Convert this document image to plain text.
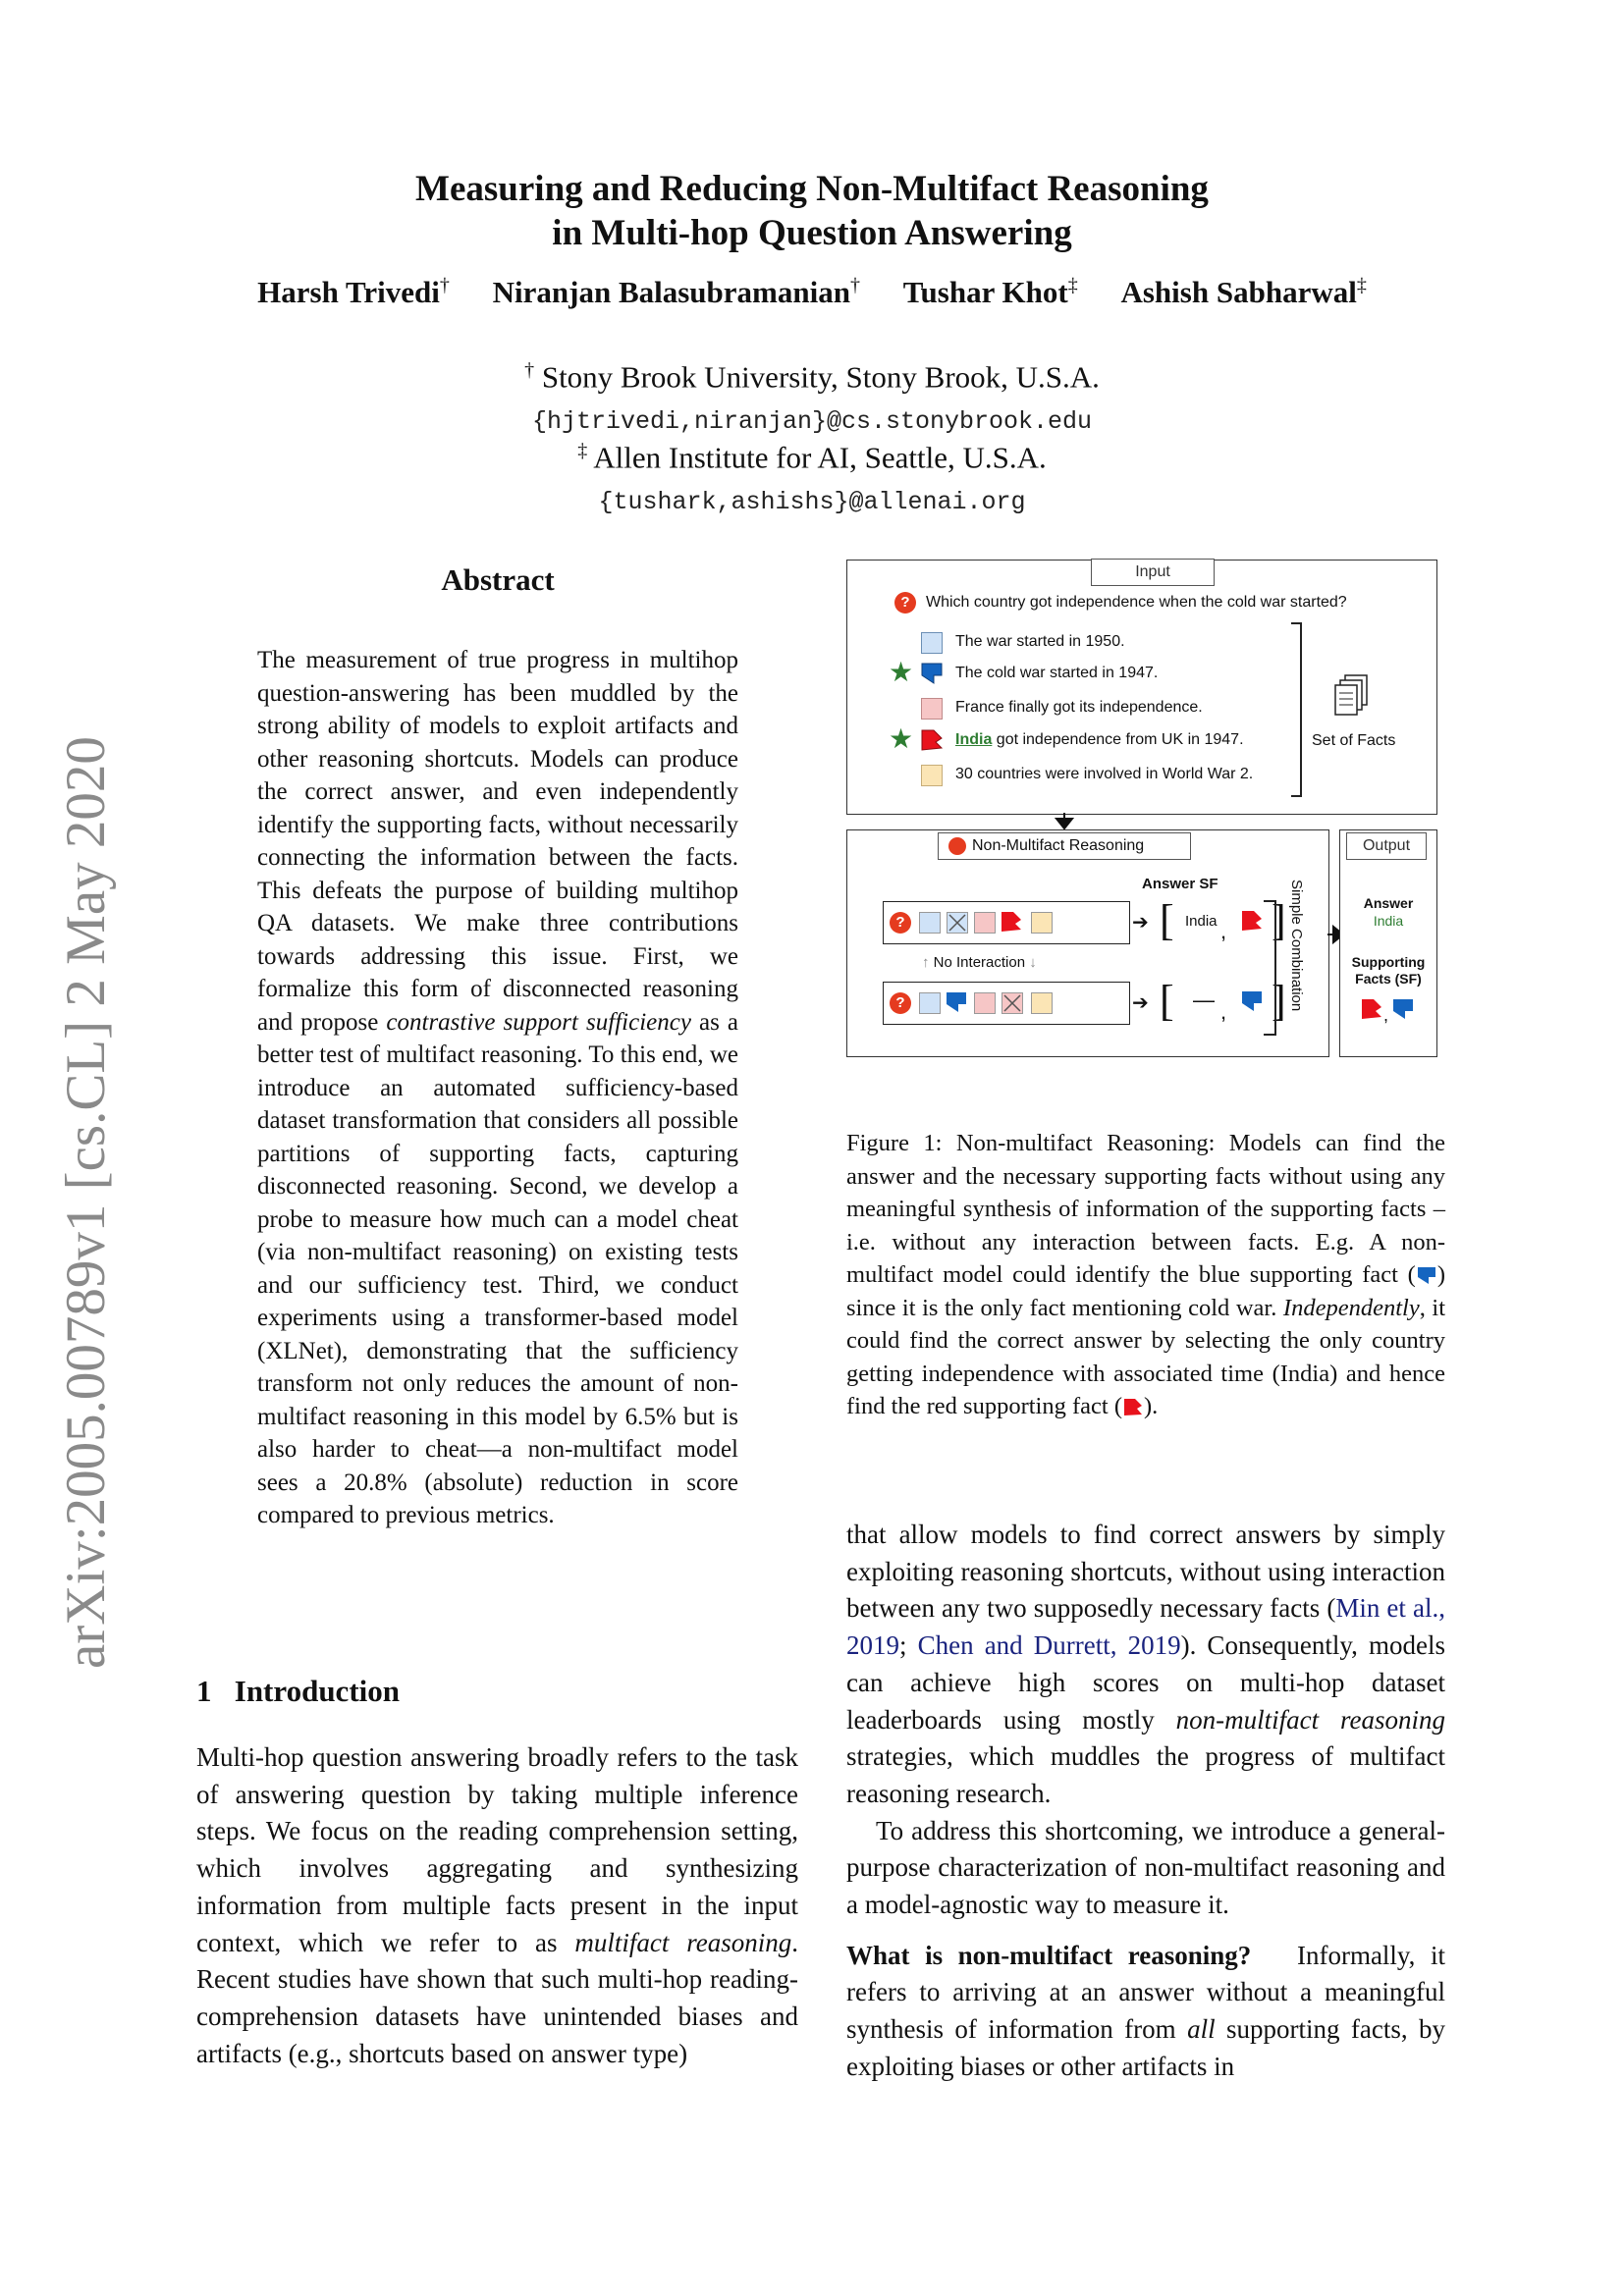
arXiv:2005.00789v1 [cs.CL] 2 May 2020
Measuring and Reducing Non-Multifact Reasoning
in Multi-hop Question Answering
Harsh Trivedi† Niranjan Balasubramanian† Tushar Khot‡ Ashish Sabharwal‡
† Stony Brook University, Stony Brook, U.S.A.
{hjtrivedi,niranjan}@cs.stonybrook.edu
‡ Allen Institute for AI, Seattle, U.S.A.
{tushark,ashishs}@allenai.org
Abstract

The measurement of true progress in multihop question-answering has been muddled by the strong ability of models to exploit artifacts and other reasoning shortcuts. Models can produce the correct answer, and even independently identify the supporting facts, without necessarily connecting the information between the facts. This defeats the purpose of building multihop QA datasets. We make three contributions towards addressing this issue. First, we formalize this form of disconnected reasoning and propose contrastive support sufficiency as a better test of multifact reasoning. To this end, we introduce an automated sufficiency-based dataset transformation that considers all possible partitions of supporting facts, capturing disconnected reasoning. Second, we develop a probe to measure how much can a model cheat (via non-multifact reasoning) on existing tests and our sufficiency test. Third, we conduct experiments using a transformer-based model (XLNet), demonstrating that the sufficiency transform not only reduces the amount of non-multifact reasoning in this model by 6.5% but is also harder to cheat—a non-multifact model sees a 20.8% (absolute) reduction in score compared to previous metrics.

1 Introduction

Multi-hop question answering broadly refers to the task of answering question by taking multiple inference steps. We focus on the reading comprehension setting, which involves aggregating and synthesizing information from multiple facts present in the input context, which we refer to as multifact reasoning. Recent studies have shown that such multi-hop reading-comprehension datasets have unintended biases and artifacts (e.g., shortcuts based on answer type)

Input
?	Which country got independence when the cold war started?
The war started in 1950.
★	The cold war started in 1947.
France finally got its independence.
★	India got independence from UK in 1947.
30 countries were involved in World War 2.
Set of Facts
Non-Multifact Reasoning
Answer SF
?	➔ [ India , ]
↑ No Interaction ↓
?	➔ [ — , ] Simple Combination
Output
Answer
India
Supporting Facts (SF)
,

Figure 1: Non-multifact Reasoning: Models can find the answer and the necessary supporting facts without using any meaningful synthesis of information of the supporting facts – i.e. without any interaction between facts. E.g. A non-multifact model could identify the blue supporting fact ( ) since it is the only fact mentioning cold war. Independently, it could find the correct answer by selecting the only country getting independence with associated time (India) and hence find the red supporting fact ( ).

that allow models to find correct answers by simply exploiting reasoning shortcuts, without using interaction between any two supposedly necessary facts (Min et al., 2019; Chen and Durrett, 2019). Consequently, models can achieve high scores on multi-hop dataset leaderboards using mostly non-multifact reasoning strategies, which muddles the progress of multifact reasoning research.

To address this shortcoming, we introduce a general-purpose characterization of non-multifact reasoning and a model-agnostic way to measure it.

What is non-multifact reasoning? Informally, it refers to arriving at an answer without a meaningful synthesis of information from all supporting facts, by exploiting biases or other artifacts in
